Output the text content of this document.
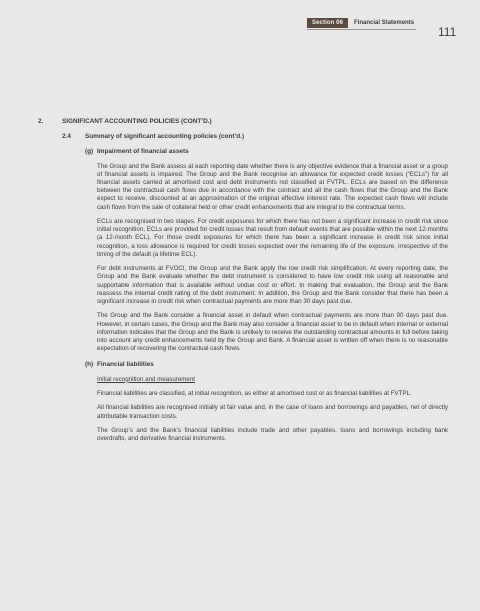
Section 06	Financial Statements
111
2.	SIGNIFICANT ACCOUNTING POLICIES (CONT’D.)
2.4	Summary of significant accounting policies (cont’d.)
(g) Impairment of financial assets

The Group and the Bank assess at each reporting date whether there is any objective evidence that a financial asset or a group of financial assets is impaired. The Group and the Bank recognise an allowance for expected credit losses (“ECLs”) for all financial assets carried at amortised cost and debt instruments not classified at FVTPL. ECLs are based on the difference between the contractual cash flows due in accordance with the contract and all the cash flows that the Group and the Bank expect to receive, discounted at an approximation of the original effective interest rate. The expected cash flows will include cash flows from the sale of collateral held or other credit enhancements that are integral to the contractual terms.

ECLs are recognised in two stages. For credit exposures for which there has not been a significant increase in credit risk since initial recognition, ECLs are provided for credit losses that result from default events that are possible within the next 12-months (a 12-month ECL). For those credit exposures for which there has been a significant increase in credit risk since initial recognition, a loss allowance is required for credit losses expected over the remaining life of the exposure, irrespective of the timing of the default (a lifetime ECL).

For debt instruments at FVOCI, the Group and the Bank apply the low credit risk simplification. At every reporting date, the Group and the Bank evaluate whether the debt instrument is considered to have low credit risk using all reasonable and supportable information that is available without undue cost or effort. In making that evaluation, the Group and the Bank reassess the internal credit rating of the debt instrument. In addition, the Group and the Bank consider that there has been a significant increase in credit risk when contractual payments are more than 30 days past due.

The Group and the Bank consider a financial asset in default when contractual payments are more than 90 days past due. However, in certain cases, the Group and the Bank may also consider a financial asset to be in default when internal or external information indicates that the Group and the Bank is unlikely to receive the outstanding contractual amounts in full before taking into account any credit enhancements held by the Group and Bank. A financial asset is written off when there is no reasonable expectation of recovering the contractual cash flows.

(h) Financial liabilities
Initial recognition and measurement

Financial liabilities are classified, at initial recognition, as either at amortised cost or as financial liabilities at FVTPL.

All financial liabilities are recognised initially at fair value and, in the case of loans and borrowings and payables, net of directly attributable transaction costs.

The Group’s and the Bank’s financial liabilities include trade and other payables, loans and borrowings including bank overdrafts, and derivative financial instruments.
